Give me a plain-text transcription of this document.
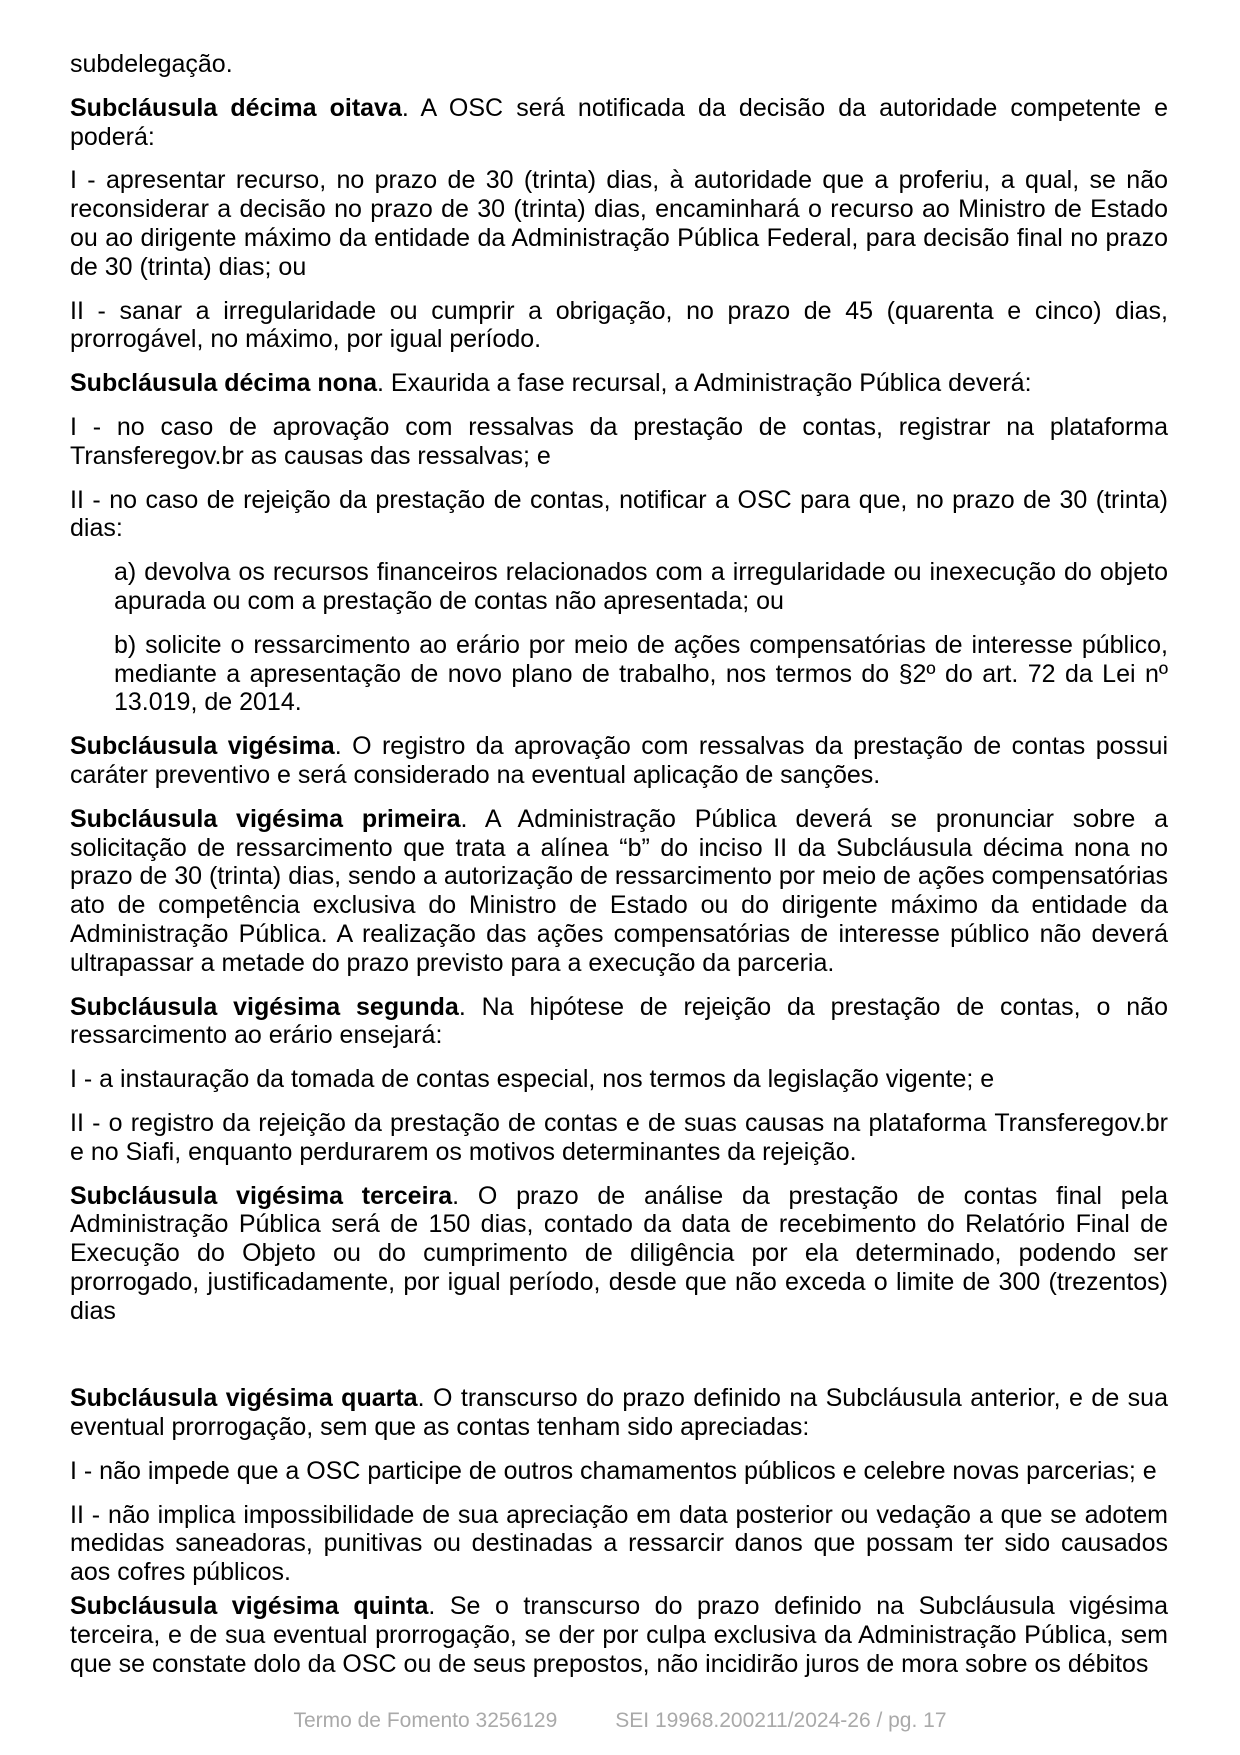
subdelegação.

Subcláusula décima oitava. A OSC será notificada da decisão da autoridade competente e poderá:

I - apresentar recurso, no prazo de 30 (trinta) dias, à autoridade que a proferiu, a qual, se não reconsiderar a decisão no prazo de 30 (trinta) dias, encaminhará o recurso ao Ministro de Estado ou ao dirigente máximo da entidade da Administração Pública Federal, para decisão final no prazo de 30 (trinta) dias; ou

II - sanar a irregularidade ou cumprir a obrigação, no prazo de 45 (quarenta e cinco) dias, prorrogável, no máximo, por igual período.

Subcláusula décima nona. Exaurida a fase recursal, a Administração Pública deverá:

I - no caso de aprovação com ressalvas da prestação de contas, registrar na plataforma Transferegov.br as causas das ressalvas; e

II - no caso de rejeição da prestação de contas, notificar a OSC para que, no prazo de 30 (trinta) dias:

a) devolva os recursos financeiros relacionados com a irregularidade ou inexecução do objeto apurada ou com a prestação de contas não apresentada; ou

b) solicite o ressarcimento ao erário por meio de ações compensatórias de interesse público, mediante a apresentação de novo plano de trabalho, nos termos do §2º do art. 72 da Lei nº 13.019, de 2014.

Subcláusula vigésima. O registro da aprovação com ressalvas da prestação de contas possui caráter preventivo e será considerado na eventual aplicação de sanções.

Subcláusula vigésima primeira. A Administração Pública deverá se pronunciar sobre a solicitação de ressarcimento que trata a alínea “b” do inciso II da Subcláusula décima nona no prazo de 30 (trinta) dias, sendo a autorização de ressarcimento por meio de ações compensatórias ato de competência exclusiva do Ministro de Estado ou do dirigente máximo da entidade da Administração Pública. A realização das ações compensatórias de interesse público não deverá ultrapassar a metade do prazo previsto para a execução da parceria.

Subcláusula vigésima segunda. Na hipótese de rejeição da prestação de contas, o não ressarcimento ao erário ensejará:

I - a instauração da tomada de contas especial, nos termos da legislação vigente; e

II - o registro da rejeição da prestação de contas e de suas causas na plataforma Transferegov.br e no Siafi, enquanto perdurarem os motivos determinantes da rejeição.

Subcláusula vigésima terceira. O prazo de análise da prestação de contas final pela Administração Pública será de 150 dias, contado da data de recebimento do Relatório Final de Execução do Objeto ou do cumprimento de diligência por ela determinado, podendo ser prorrogado, justificadamente, por igual período, desde que não exceda o limite de 300 (trezentos) dias

Subcláusula vigésima quarta. O transcurso do prazo definido na Subcláusula anterior, e de sua eventual prorrogação, sem que as contas tenham sido apreciadas:

I - não impede que a OSC participe de outros chamamentos públicos e celebre novas parcerias; e

II - não implica impossibilidade de sua apreciação em data posterior ou vedação a que se adotem medidas saneadoras, punitivas ou destinadas a ressarcir danos que possam ter sido causados aos cofres públicos.

Subcláusula vigésima quinta. Se o transcurso do prazo definido na Subcláusula vigésima terceira, e de sua eventual prorrogação, se der por culpa exclusiva da Administração Pública, sem que se constate dolo da OSC ou de seus prepostos, não incidirão juros de mora sobre os débitos

Termo de Fomento 3256129	SEI 19968.200211/2024-26 / pg. 17
